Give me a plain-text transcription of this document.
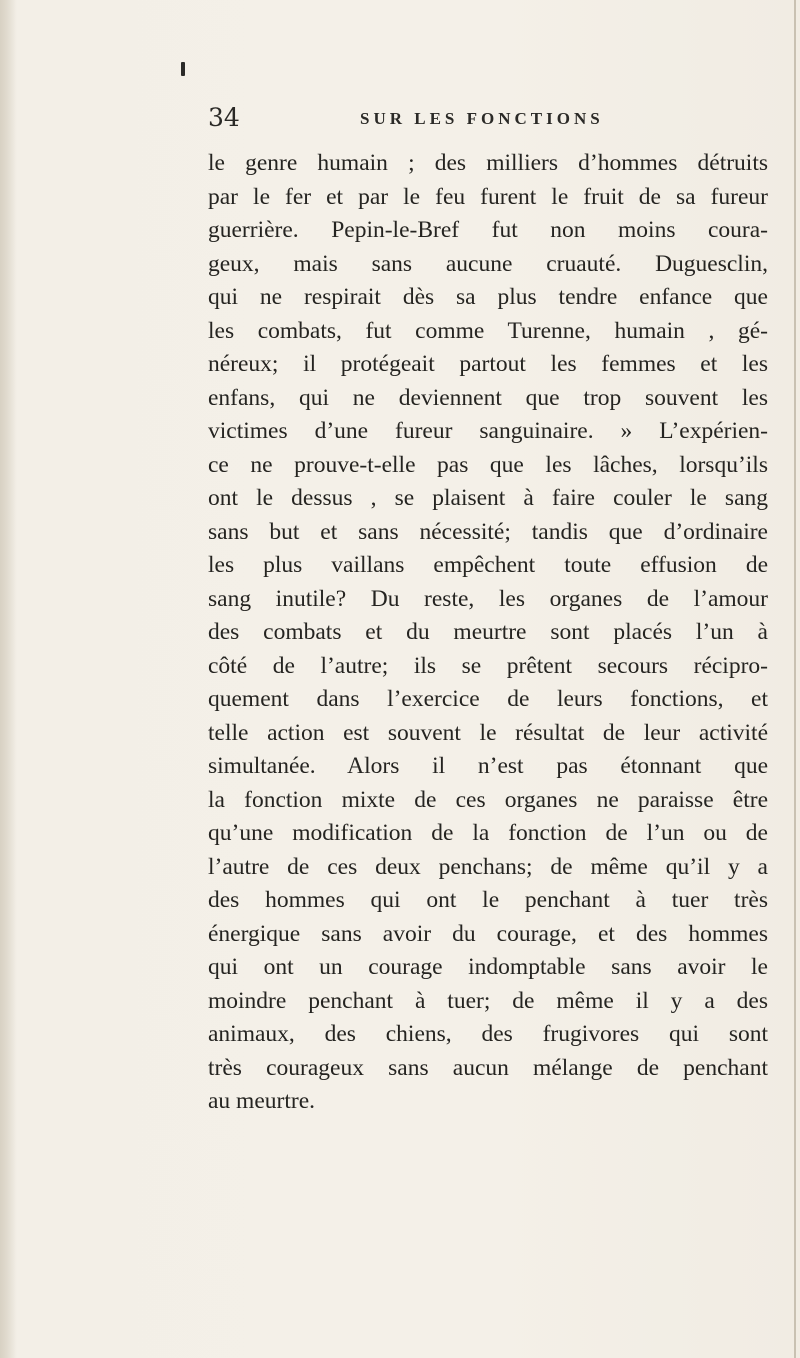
34	SUR LES FONCTIONS
le genre humain ; des milliers d’hommes détruits
par le fer et par le feu furent le fruit de sa fureur
guerrière. Pepin-le-Bref fut non moins coura-
geux, mais sans aucune cruauté. Duguesclin,
qui ne respirait dès sa plus tendre enfance que
les combats, fut comme Turenne, humain , gé-
néreux; il protégeait partout les femmes et les
enfans, qui ne deviennent que trop souvent les
victimes d’une fureur sanguinaire. » L’expérien-
ce ne prouve-t-elle pas que les lâches, lorsqu’ils
ont le dessus , se plaisent à faire couler le sang
sans but et sans nécessité; tandis que d’ordinaire
les plus vaillans empêchent toute effusion de
sang inutile? Du reste, les organes de l’amour
des combats et du meurtre sont placés l’un à
côté de l’autre; ils se prêtent secours récipro-
quement dans l’exercice de leurs fonctions, et
telle action est souvent le résultat de leur activité
simultanée. Alors il n’est pas étonnant que
la fonction mixte de ces organes ne paraisse être
qu’une modification de la fonction de l’un ou de
l’autre de ces deux penchans; de même qu’il y a
des hommes qui ont le penchant à tuer très
énergique sans avoir du courage, et des hommes
qui ont un courage indomptable sans avoir le
moindre penchant à tuer; de même il y a des
animaux, des chiens, des frugivores qui sont
très courageux sans aucun mélange de penchant
au meurtre.
